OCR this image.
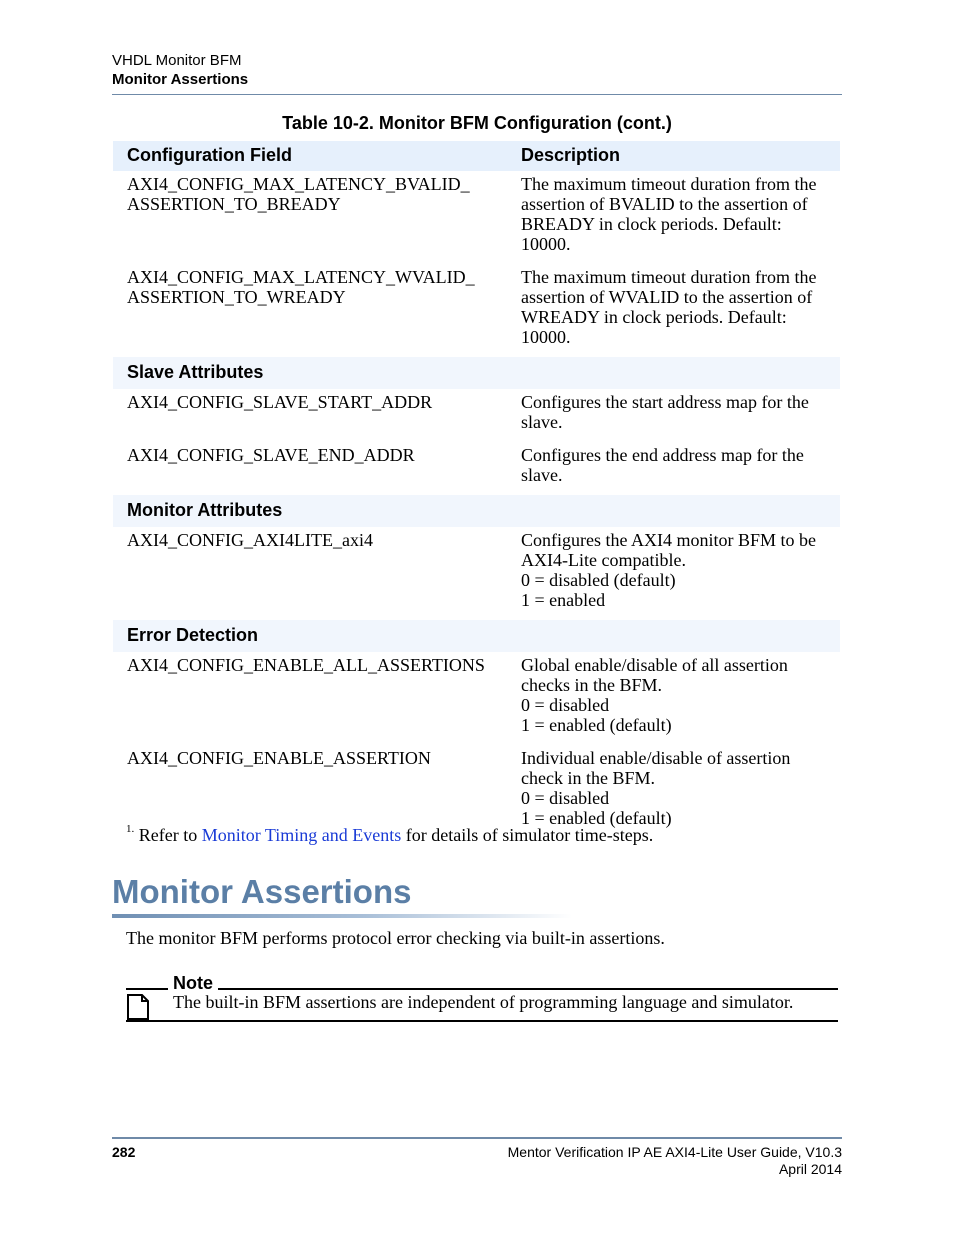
VHDL Monitor BFM
Monitor Assertions
Table 10-2. Monitor BFM Configuration (cont.)
Configuration Field	Description

AXI4_CONFIG_MAX_LATENCY_BVALID_
ASSERTION_TO_BREADY	The maximum timeout duration from the
assertion of BVALID to the assertion of
BREADY in clock periods. Default:
10000.

AXI4_CONFIG_MAX_LATENCY_WVALID_
ASSERTION_TO_WREADY	The maximum timeout duration from the
assertion of WVALID to the assertion of
WREADY in clock periods. Default:
10000.

Slave Attributes	

AXI4_CONFIG_SLAVE_START_ADDR	Configures the start address map for the
slave.

AXI4_CONFIG_SLAVE_END_ADDR	Configures the end address map for the
slave.

Monitor Attributes	

AXI4_CONFIG_AXI4LITE_axi4	Configures the AXI4 monitor BFM to be
AXI4-Lite compatible.
0 = disabled (default)
1 = enabled

Error Detection	

AXI4_CONFIG_ENABLE_ALL_ASSERTIONS	Global enable/disable of all assertion
checks in the BFM.
0 = disabled
1 = enabled (default)

AXI4_CONFIG_ENABLE_ASSERTION	Individual enable/disable of assertion
check in the BFM.
0 = disabled
1 = enabled (default)
$^{1.}$ Refer to Monitor Timing and Events for details of simulator time-steps.
Monitor Assertions
The monitor BFM performs protocol error checking via built-in assertions.
Note
The built-in BFM assertions are independent of programming language and simulator.
282	Mentor Verification IP AE AXI4-Lite User Guide, V10.3
April 2014
